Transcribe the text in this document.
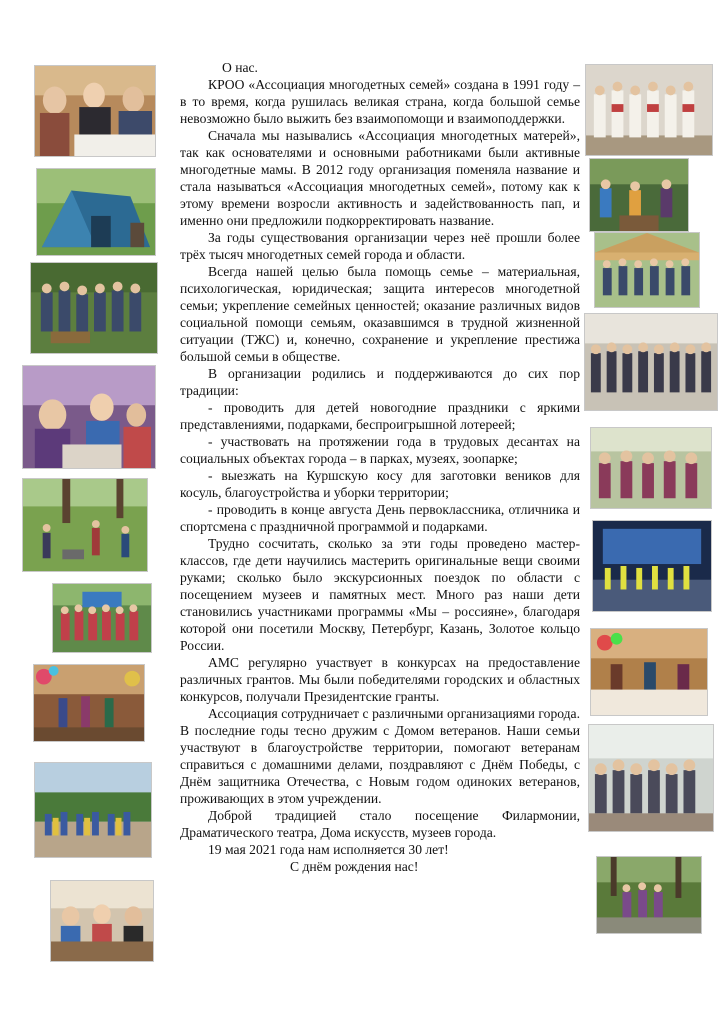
О нас.

КРОО «Ассоциация многодетных семей» создана в 1991 году – в то время, когда рушилась великая страна, когда большой семье невозможно было выжить без взаимопомощи и взаимоподдержки.

Сначала мы назывались «Ассоциация многодетных матерей», так как основателями и основными работниками были активные многодетные мамы. В 2012 году организация поменяла название и стала называться «Ассоциация многодетных семей», потому как к этому времени возросли активность и задействованность пап, и именно они предложили подкорректировать название.

За годы существования организации через неё прошли более трёх тысяч многодетных семей города и области.

Всегда нашей целью была помощь семье – материальная, психологическая, юридическая; защита интересов многодетной семьи; укрепление семейных ценностей; оказание различных видов социальной помощи семьям, оказавшимся в трудной жизненной ситуации (ТЖС) и, конечно, сохранение и укрепление престижа большой семьи в обществе.

В организации родились и поддерживаются до сих пор традиции:

- проводить для детей новогодние праздники с яркими представлениями, подарками, беспроигрышной лотереей;

- участвовать на протяжении года в трудовых десантах на социальных объектах города – в парках, музеях, зоопарке;

- выезжать на Куршскую косу для заготовки веников для косуль, благоустройства и уборки территории;

- проводить в конце августа День первоклассника, отличника и спортсмена с праздничной программой и подарками.

Трудно сосчитать, сколько за эти годы проведено мастер-классов, где дети научились мастерить оригинальные вещи своими руками; сколько было экскурсионных поездок по области с посещением музеев и памятных мест. Много раз наши дети становились участниками программы «Мы – россияне», благодаря которой они посетили Москву, Петербург, Казань, Золотое кольцо России.

АМС регулярно участвует в конкурсах на предоставление различных грантов. Мы были победителями городских и областных конкурсов, получали Президентские гранты.

Ассоциация сотрудничает с различными организациями города. В последние годы тесно дружим с Домом ветеранов. Наши семьи участвуют в благоустройстве территории, помогают ветеранам справиться с домашними делами, поздравляют с Днём Победы, с Днём защитника Отечества, с Новым годом одиноких ветеранов, проживающих в этом учреждении.

Доброй традицией стало посещение Филармонии, Драматического театра, Дома искусств, музеев города.

19 мая 2021 года нам исполняется 30 лет!

С днём рождения нас!
